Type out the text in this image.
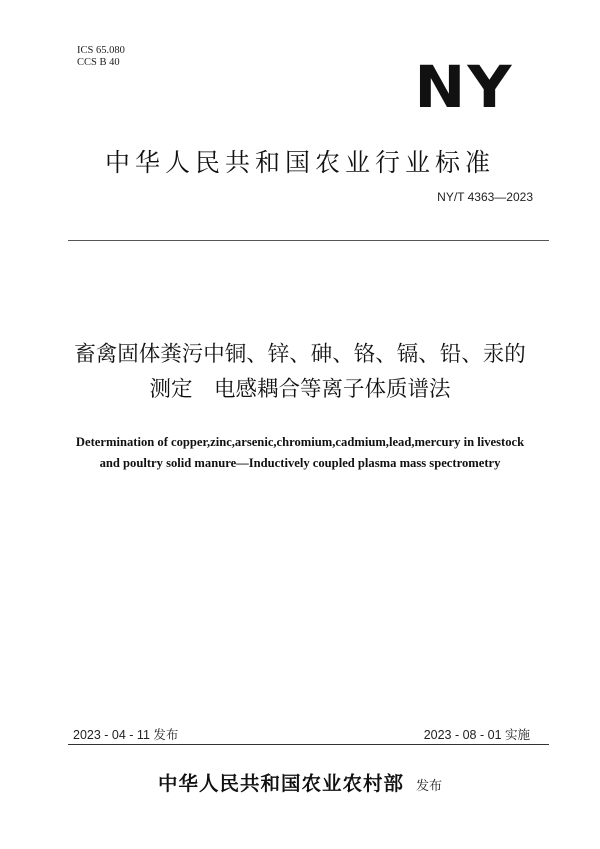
ICS 65.080
CCS B 40	NY
中华人民共和国农业行业标准
NY/T 4363—2023
畜禽固体粪污中铜、锌、砷、铬、镉、铅、汞的
测定　电感耦合等离子体质谱法
Determination of copper,zinc,arsenic,chromium,cadmium,lead,mercury in livestock
and poultry solid manure—Inductively coupled plasma mass spectrometry
2023 - 04 - 11 发布	2023 - 08 - 01 实施
中华人民共和国农业农村部 发布
